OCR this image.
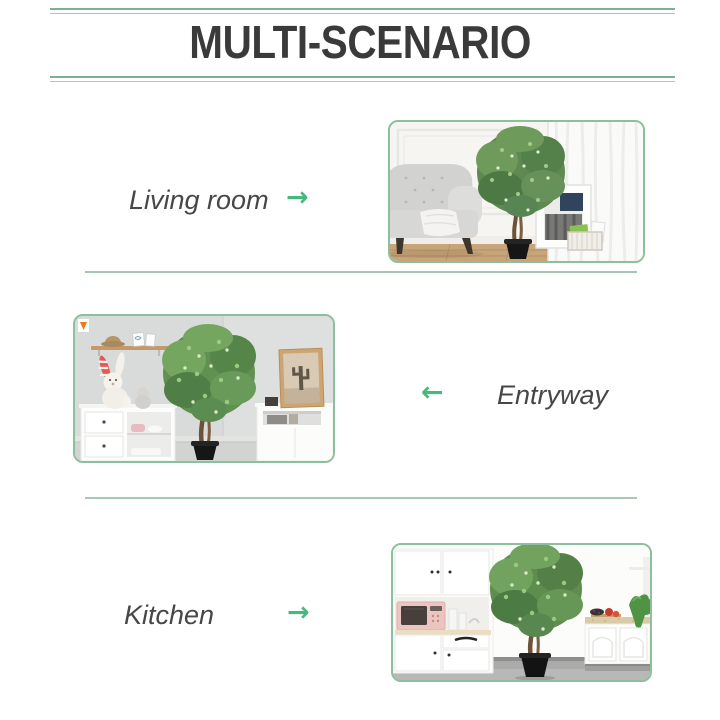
MULTI-SCENARIO
Living room →
← Entryway
Kitchen	→
